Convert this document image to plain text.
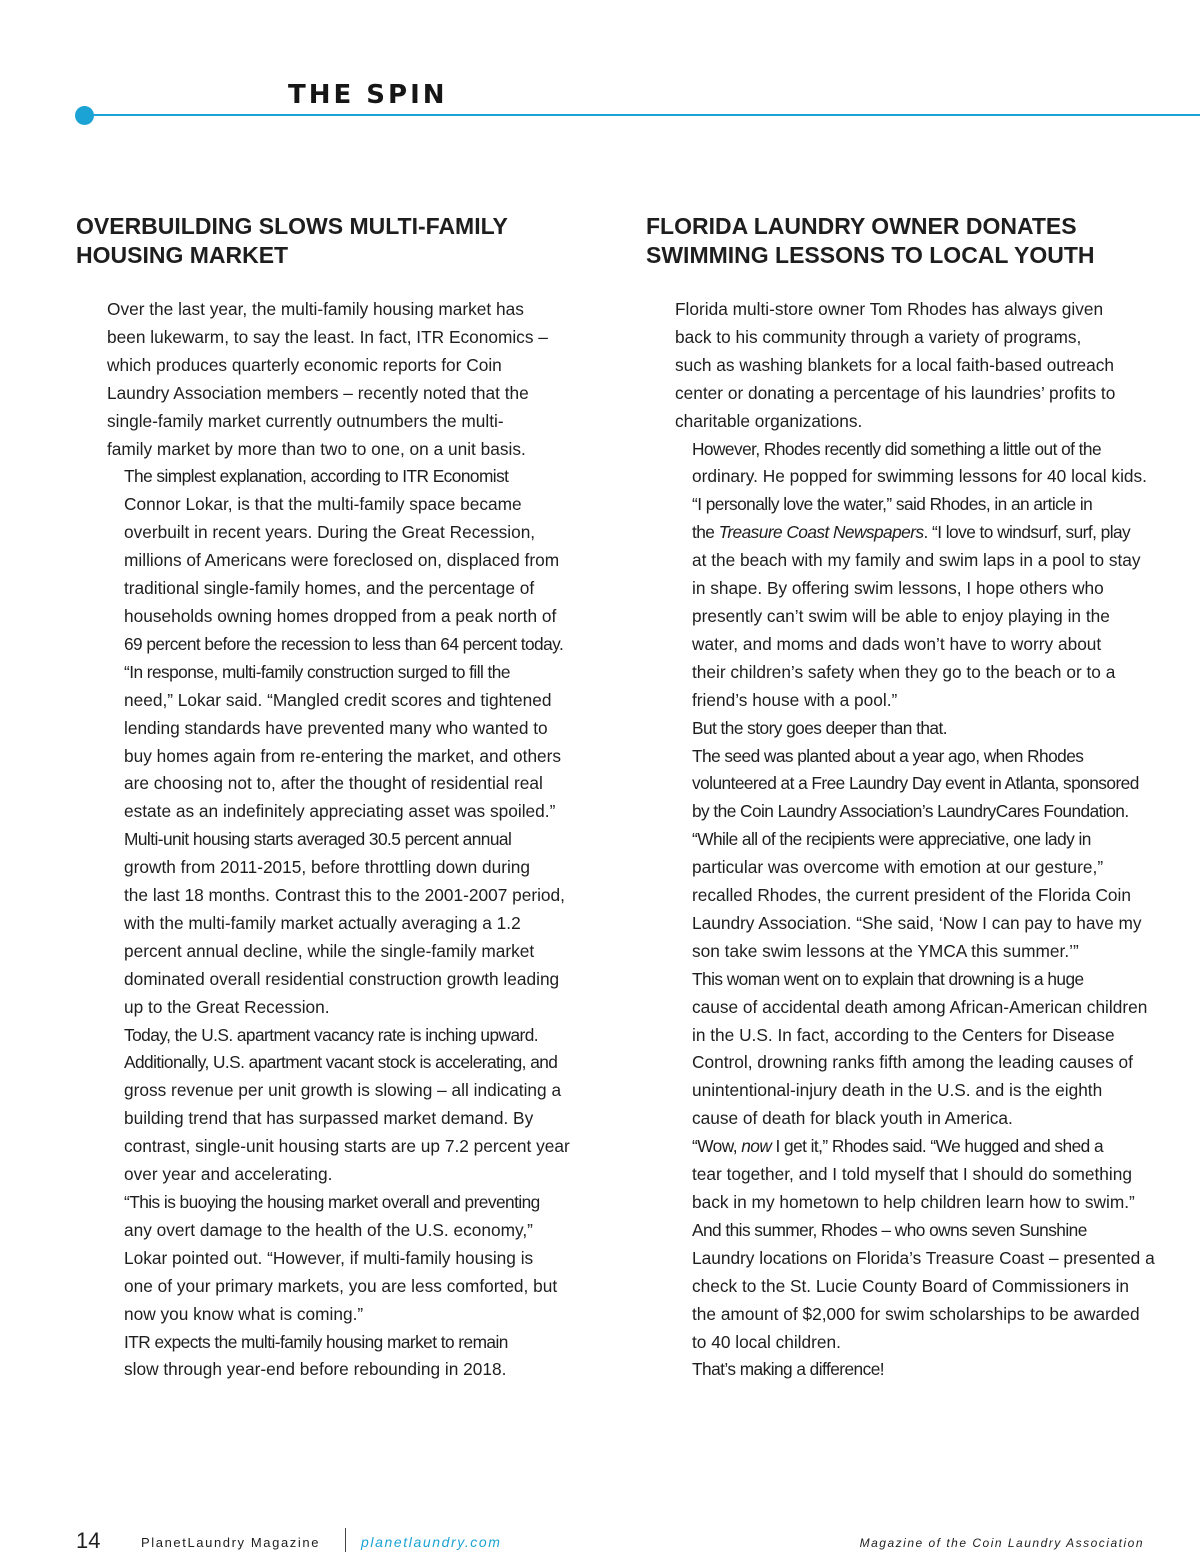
THE SPIN
OVERBUILDING SLOWS MULTI-FAMILY
HOUSING MARKET

Over the last year, the multi-family housing market has
been lukewarm, to say the least. In fact, ITR Economics –
which produces quarterly economic reports for Coin
Laundry Association members – recently noted that the
single-family market currently outnumbers the multi-
family market by more than two to one, on a unit basis.

The simplest explanation, according to ITR Economist
Connor Lokar, is that the multi-family space became
overbuilt in recent years. During the Great Recession,
millions of Americans were foreclosed on, displaced from
traditional single-family homes, and the percentage of
households owning homes dropped from a peak north of
69 percent before the recession to less than 64 percent today.

“In response, multi-family construction surged to fill the
need,” Lokar said. “Mangled credit scores and tightened
lending standards have prevented many who wanted to
buy homes again from re-entering the market, and others
are choosing not to, after the thought of residential real
estate as an indefinitely appreciating asset was spoiled.”

Multi-unit housing starts averaged 30.5 percent annual
growth from 2011-2015, before throttling down during
the last 18 months. Contrast this to the 2001-2007 period,
with the multi-family market actually averaging a 1.2
percent annual decline, while the single-family market
dominated overall residential construction growth leading
up to the Great Recession.

Today, the U.S. apartment vacancy rate is inching upward.
Additionally, U.S. apartment vacant stock is accelerating, and
gross revenue per unit growth is slowing – all indicating a
building trend that has surpassed market demand. By
contrast, single-unit housing starts are up 7.2 percent year
over year and accelerating.

“This is buoying the housing market overall and preventing
any overt damage to the health of the U.S. economy,”
Lokar pointed out. “However, if multi-family housing is
one of your primary markets, you are less comforted, but
now you know what is coming.”

ITR expects the multi-family housing market to remain
slow through year-end before rebounding in 2018.

FLORIDA LAUNDRY OWNER DONATES
SWIMMING LESSONS TO LOCAL YOUTH

Florida multi-store owner Tom Rhodes has always given
back to his community through a variety of programs,
such as washing blankets for a local faith-based outreach
center or donating a percentage of his laundries’ profits to
charitable organizations.

However, Rhodes recently did something a little out of the
ordinary. He popped for swimming lessons for 40 local kids.

“I personally love the water,” said Rhodes, in an article in
the Treasure Coast Newspapers. “I love to windsurf, surf, play
at the beach with my family and swim laps in a pool to stay
in shape. By offering swim lessons, I hope others who
presently can’t swim will be able to enjoy playing in the
water, and moms and dads won’t have to worry about
their children’s safety when they go to the beach or to a
friend’s house with a pool.”

But the story goes deeper than that.

The seed was planted about a year ago, when Rhodes
volunteered at a Free Laundry Day event in Atlanta, sponsored
by the Coin Laundry Association’s LaundryCares Foundation.

“While all of the recipients were appreciative, one lady in
particular was overcome with emotion at our gesture,”
recalled Rhodes, the current president of the Florida Coin
Laundry Association. “She said, ‘Now I can pay to have my
son take swim lessons at the YMCA this summer.’”

This woman went on to explain that drowning is a huge
cause of accidental death among African-American children
in the U.S. In fact, according to the Centers for Disease
Control, drowning ranks fifth among the leading causes of
unintentional-injury death in the U.S. and is the eighth
cause of death for black youth in America.

“Wow, now I get it,” Rhodes said. “We hugged and shed a
tear together, and I told myself that I should do something
back in my hometown to help children learn how to swim.”

And this summer, Rhodes – who owns seven Sunshine
Laundry locations on Florida’s Treasure Coast – presented a
check to the St. Lucie County Board of Commissioners in
the amount of $2,000 for swim scholarships to be awarded
to 40 local children.

That’s making a difference!

14	PlanetLaundry Magazine	planetlaundry.com	Magazine of the Coin Laundry Association
